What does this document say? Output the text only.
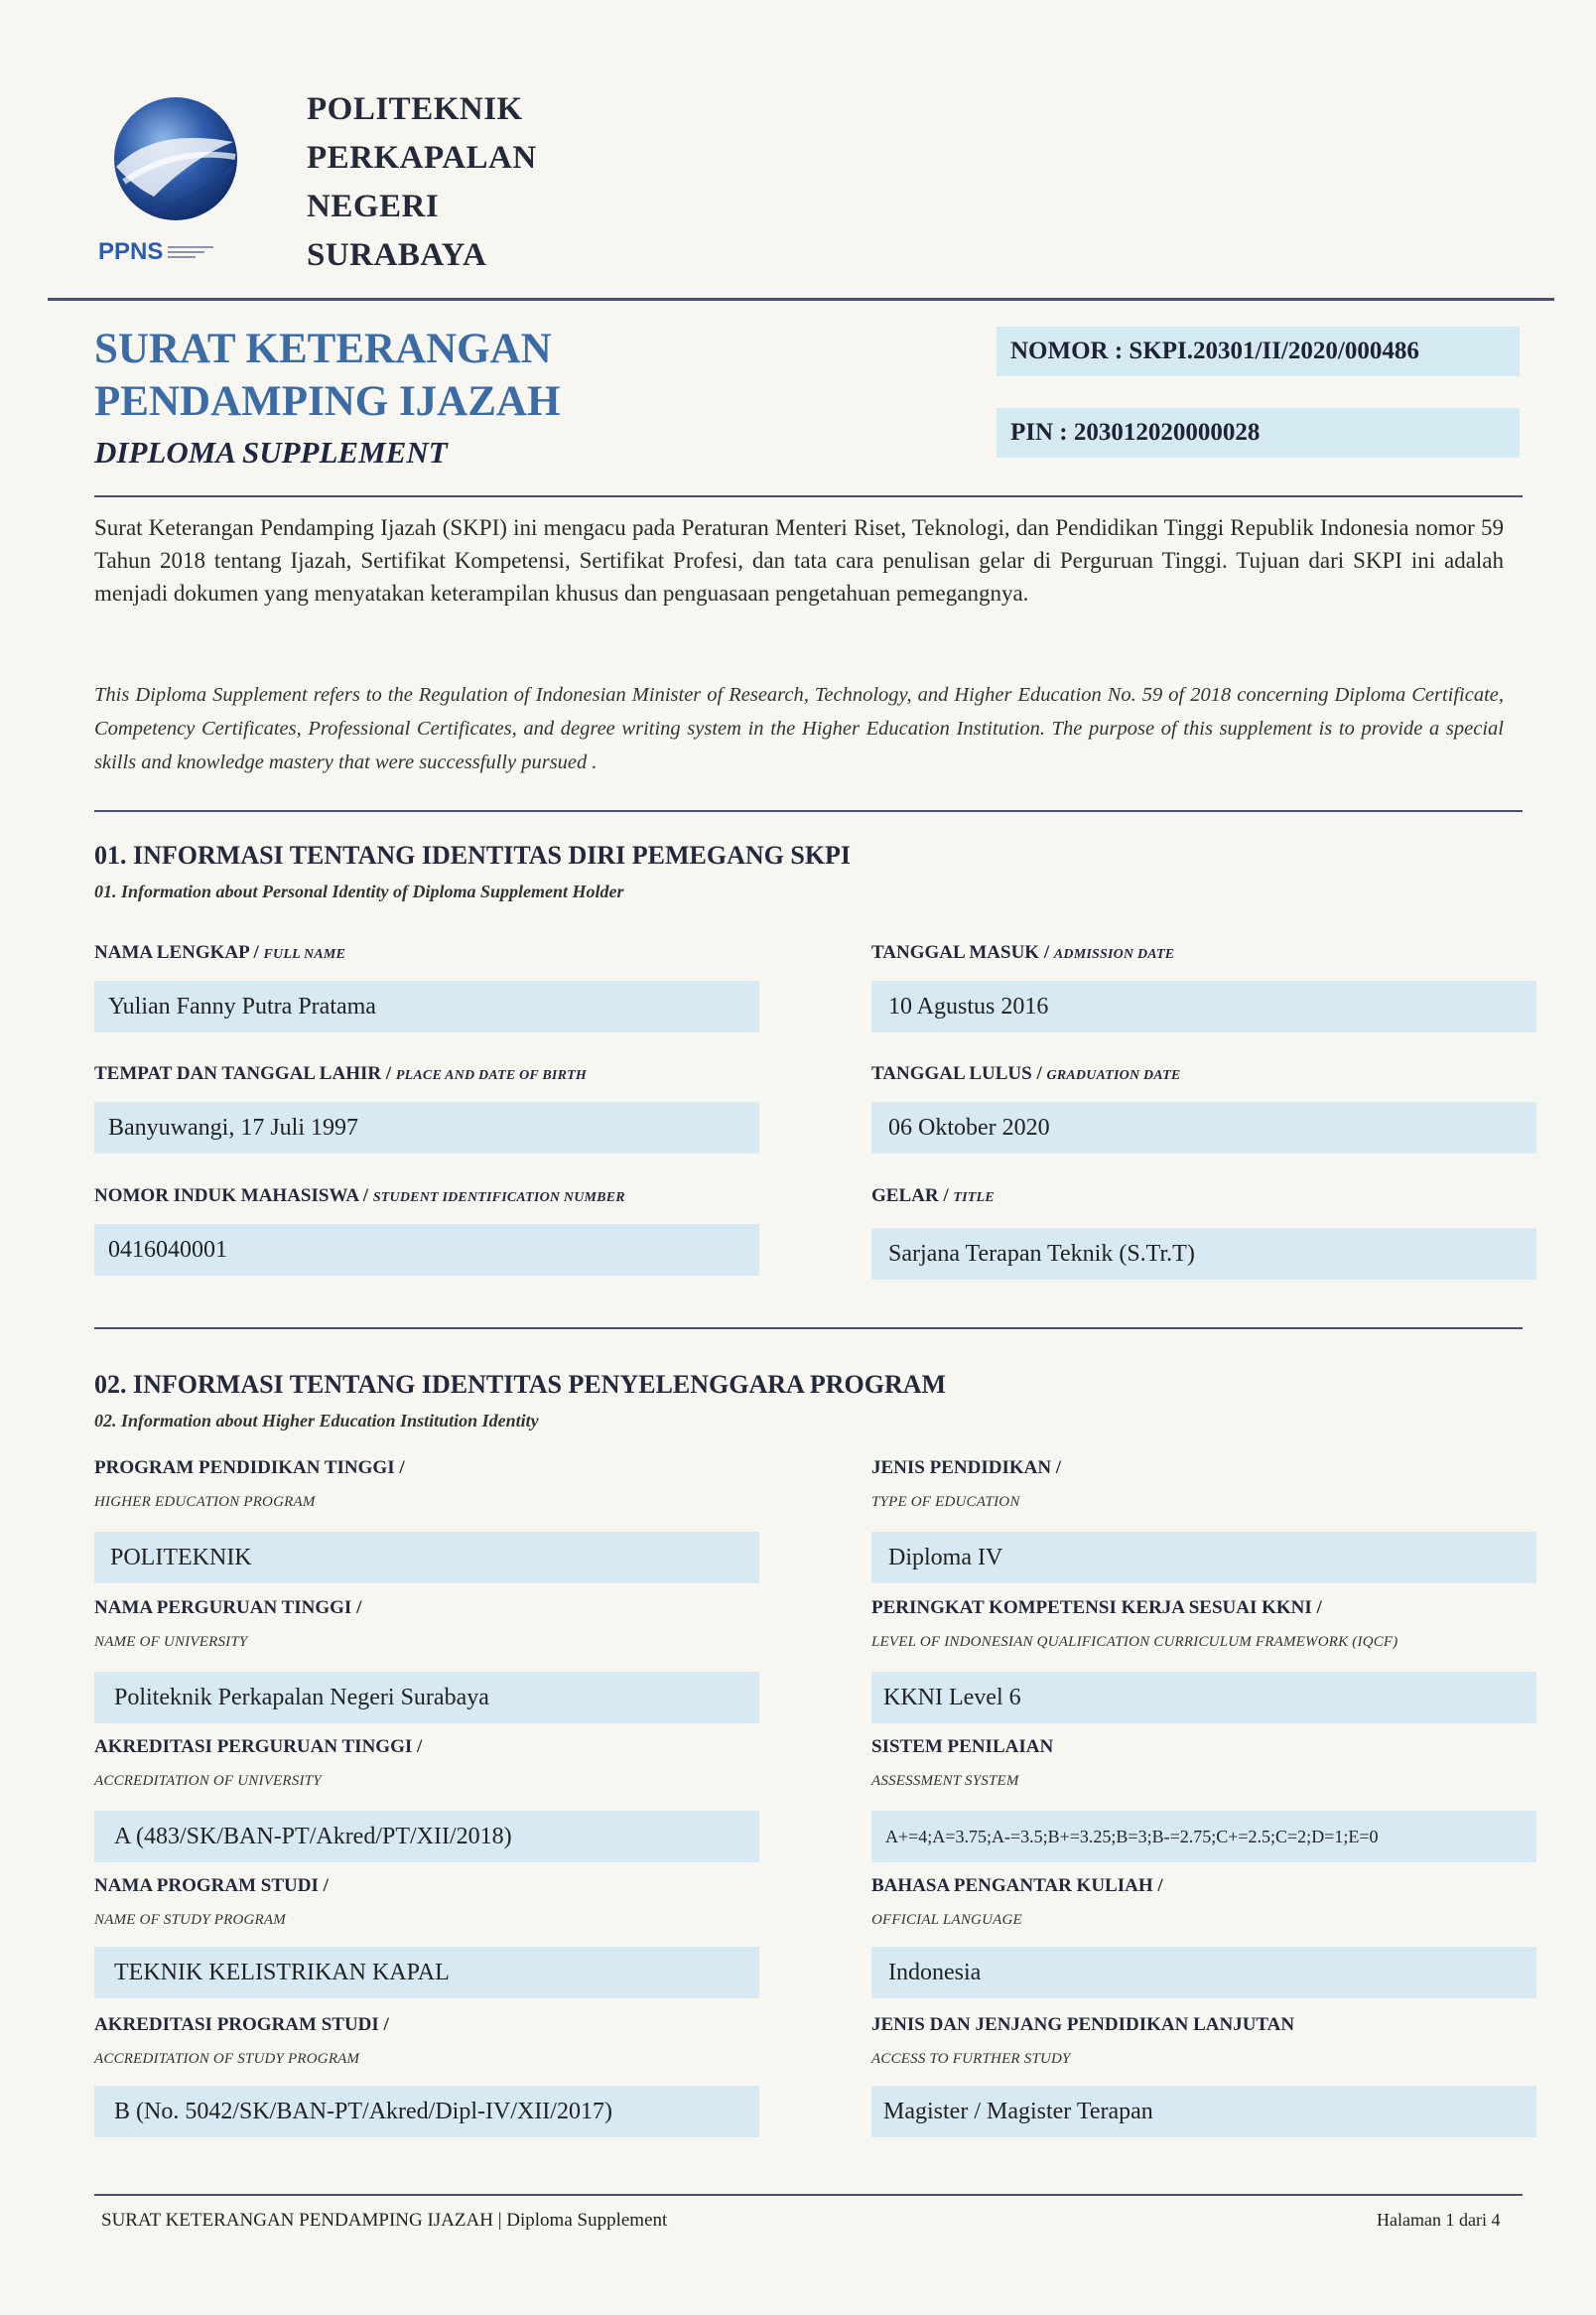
PPNS
POLITEKNIK
PERKAPALAN
NEGERI
SURABAYA
SURAT KETERANGAN
PENDAMPING IJAZAH
DIPLOMA SUPPLEMENT
NOMOR : SKPI.20301/II/2020/000486
PIN : 203012020000028
Surat Keterangan Pendamping Ijazah (SKPI) ini mengacu pada Peraturan Menteri Riset, Teknologi, dan Pendidikan Tinggi Republik Indonesia nomor 59 Tahun 2018 tentang Ijazah, Sertifikat Kompetensi, Sertifikat Profesi, dan tata cara penulisan gelar di Perguruan Tinggi. Tujuan dari SKPI ini adalah menjadi dokumen yang menyatakan keterampilan khusus dan penguasaan pengetahuan pemegangnya.
This Diploma Supplement refers to the Regulation of Indonesian Minister of Research, Technology, and Higher Education No. 59 of 2018 concerning Diploma Certificate, Competency Certificates, Professional Certificates, and degree writing system in the Higher Education Institution. The purpose of this supplement is to provide a special skills and knowledge mastery that were successfully pursued .
01. INFORMASI TENTANG IDENTITAS DIRI PEMEGANG SKPI
01. Information about Personal Identity of Diploma Supplement Holder
NAMA LENGKAP / FULL NAME
Yulian Fanny Putra Pratama
TANGGAL MASUK / ADMISSION DATE
10 Agustus 2016
TEMPAT DAN TANGGAL LAHIR / PLACE AND DATE OF BIRTH
Banyuwangi, 17 Juli 1997
TANGGAL LULUS / GRADUATION DATE
06 Oktober 2020
NOMOR INDUK MAHASISWA / STUDENT IDENTIFICATION NUMBER
0416040001
GELAR / TITLE
Sarjana Terapan Teknik (S.Tr.T)
02. INFORMASI TENTANG IDENTITAS PENYELENGGARA PROGRAM
02. Information about Higher Education Institution Identity
PROGRAM PENDIDIKAN TINGGI /
HIGHER EDUCATION PROGRAM
POLITEKNIK
JENIS PENDIDIKAN /
TYPE OF EDUCATION
Diploma IV
NAMA PERGURUAN TINGGI /
NAME OF UNIVERSITY
Politeknik Perkapalan Negeri Surabaya
PERINGKAT KOMPETENSI KERJA SESUAI KKNI /
LEVEL OF INDONESIAN QUALIFICATION CURRICULUM FRAMEWORK (IQCF)
KKNI Level 6
AKREDITASI PERGURUAN TINGGI /
ACCREDITATION OF UNIVERSITY
A (483/SK/BAN-PT/Akred/PT/XII/2018)
SISTEM PENILAIAN
ASSESSMENT SYSTEM
A+=4;A=3.75;A-=3.5;B+=3.25;B=3;B-=2.75;C+=2.5;C=2;D=1;E=0
NAMA PROGRAM STUDI /
NAME OF STUDY PROGRAM
TEKNIK KELISTRIKAN KAPAL
BAHASA PENGANTAR KULIAH /
OFFICIAL LANGUAGE
Indonesia
AKREDITASI PROGRAM STUDI /
ACCREDITATION OF STUDY PROGRAM
B (No. 5042/SK/BAN-PT/Akred/Dipl-IV/XII/2017)
JENIS DAN JENJANG PENDIDIKAN LANJUTAN
ACCESS TO FURTHER STUDY
Magister / Magister Terapan
SURAT KETERANGAN PENDAMPING IJAZAH | Diploma Supplement	Halaman 1 dari 4
